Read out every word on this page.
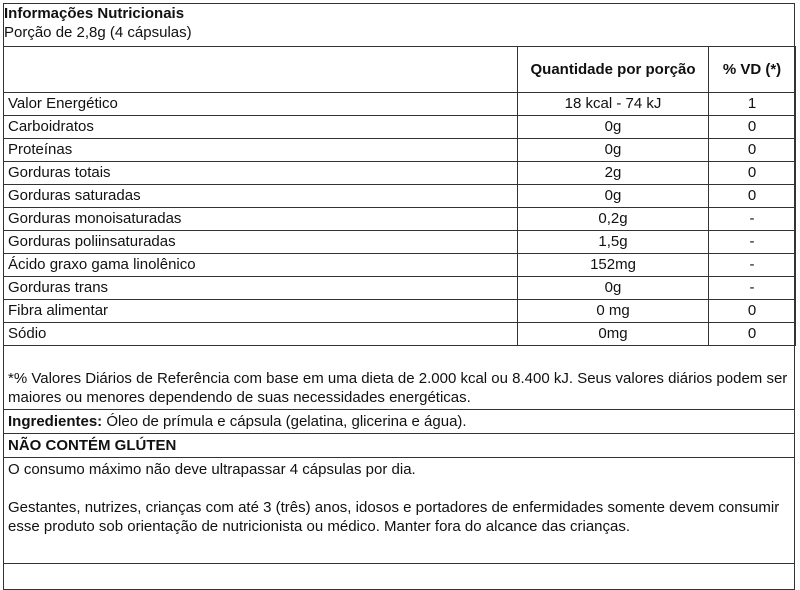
Informações Nutricionais
Porção de 2,8g (4 cápsulas)
	Quantidade por porção	% VD (*)
Valor Energético	18 kcal - 74 kJ	1
Carboidratos	0g	0
Proteínas	0g	0
Gorduras totais	2g	0
Gorduras saturadas	0g	0
Gorduras monoisaturadas	0,2g	-
Gorduras poliinsaturadas	1,5g	-
Ácido graxo gama linolênico	152mg	-
Gorduras trans	0g	-
Fibra alimentar	0 mg	0
Sódio	0mg	0
*% Valores Diários de Referência com base em uma dieta de 2.000 kcal ou 8.400 kJ. Seus valores diários podem ser maiores ou menores dependendo de suas necessidades energéticas.
Ingredientes: Óleo de prímula e cápsula (gelatina, glicerina e água).
NÃO CONTÉM GLÚTEN
O consumo máximo não deve ultrapassar 4 cápsulas por dia.
Gestantes, nutrizes, crianças com até 3 (três) anos, idosos e portadores de enfermidades somente devem consumir esse produto sob orientação de nutricionista ou médico. Manter fora do alcance das crianças.
